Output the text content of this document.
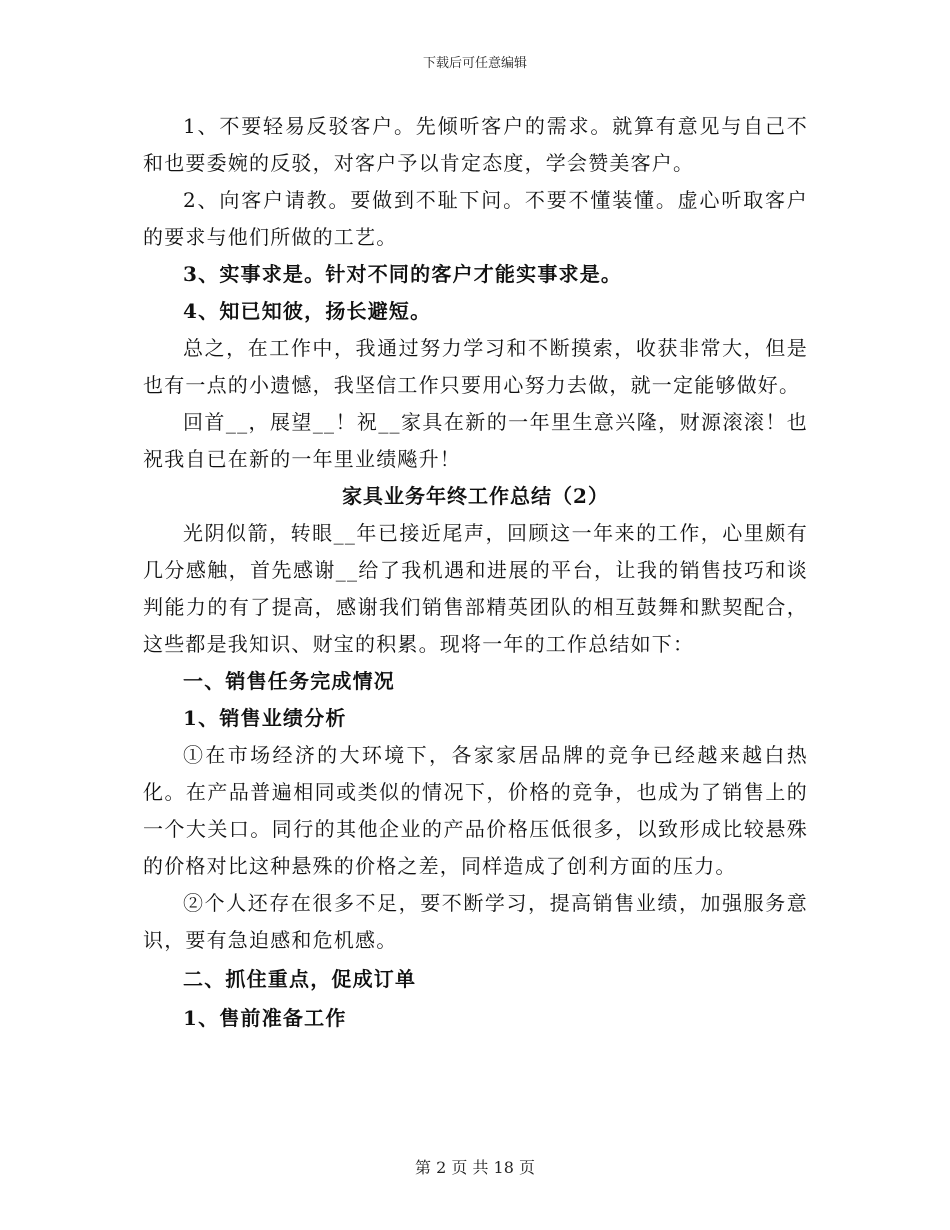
下载后可任意编辑

1、不要轻易反驳客户。先倾听客户的需求。就算有意见与自己不和也要委婉的反驳，对客户予以肯定态度，学会赞美客户。

2、向客户请教。要做到不耻下问。不要不懂装懂。虚心听取客户的要求与他们所做的工艺。

3、实事求是。针对不同的客户才能实事求是。

4、知已知彼，扬长避短。

总之，在工作中，我通过努力学习和不断摸索，收获非常大，但是也有一点的小遗憾，我坚信工作只要用心努力去做，就一定能够做好。

回首__，展望__！祝__家具在新的一年里生意兴隆，财源滚滚！也祝我自已在新的一年里业绩飚升！

家具业务年终工作总结（2）

光阴似箭，转眼__年已接近尾声，回顾这一年来的工作，心里颇有几分感触，首先感谢__给了我机遇和进展的平台，让我的销售技巧和谈判能力的有了提高，感谢我们销售部精英团队的相互鼓舞和默契配合，这些都是我知识、财宝的积累。现将一年的工作总结如下：

一、销售任务完成情况

1、销售业绩分析

①在市场经济的大环境下，各家家居品牌的竞争已经越来越白热化。在产品普遍相同或类似的情况下，价格的竞争，也成为了销售上的一个大关口。同行的其他企业的产品价格压低很多，以致形成比较悬殊的价格对比这种悬殊的价格之差，同样造成了创利方面的压力。

②个人还存在很多不足，要不断学习，提高销售业绩，加强服务意识，要有急迫感和危机感。

二、抓住重点，促成订单

1、售前准备工作

第 2 页 共 18 页
